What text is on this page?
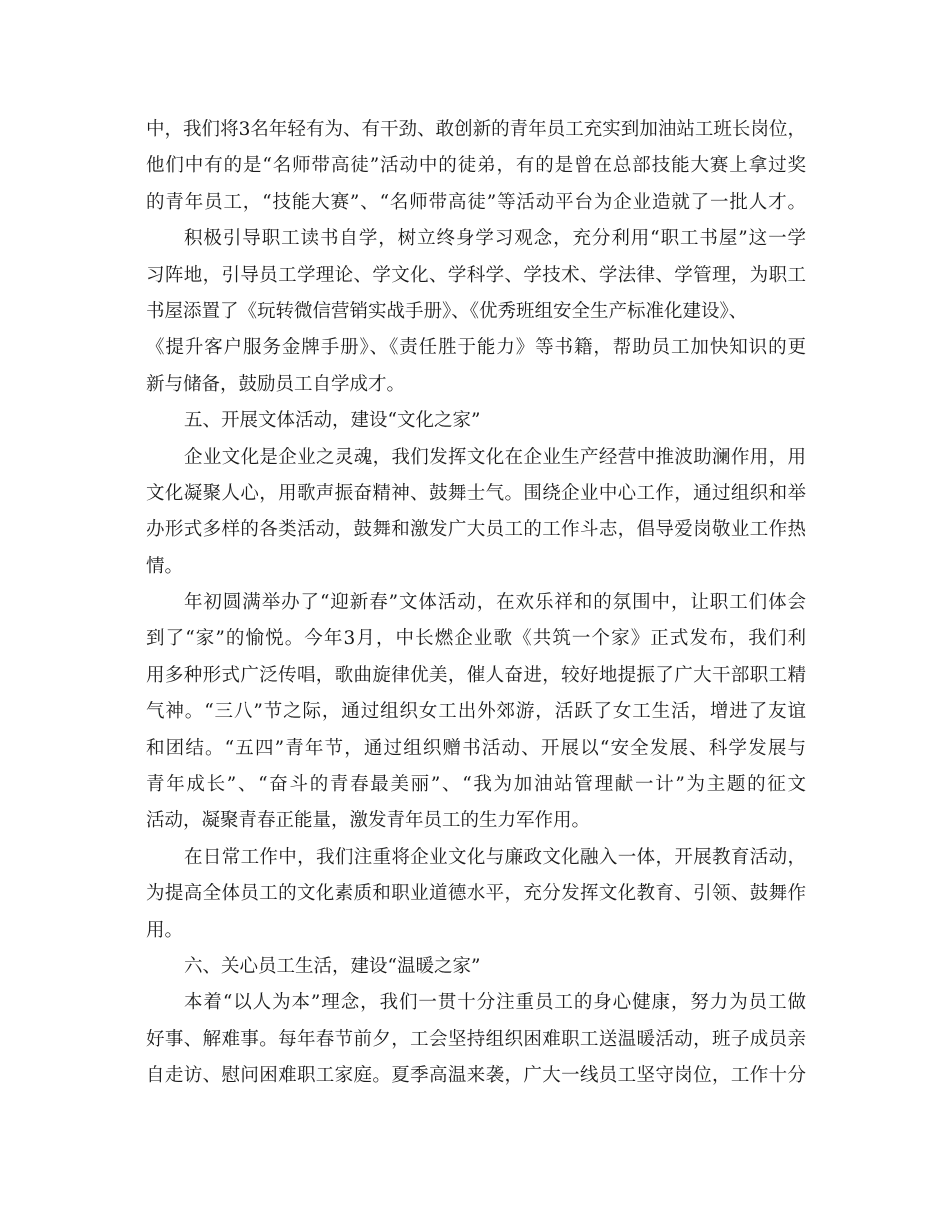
中，我们将3名年轻有为、有干劲、敢创新的青年员工充实到加油站工班长岗位，
他们中有的是“名师带高徒”活动中的徒弟，有的是曾在总部技能大赛上拿过奖
的青年员工，“技能大赛”、“名师带高徒”等活动平台为企业造就了一批人才。
积极引导职工读书自学，树立终身学习观念，充分利用“职工书屋”这一学
习阵地，引导员工学理论、学文化、学科学、学技术、学法律、学管理，为职工
书屋添置了《玩转微信营销实战手册》、《优秀班组安全生产标准化建设》、
《提升客户服务金牌手册》、《责任胜于能力》等书籍，帮助员工加快知识的更
新与储备，鼓励员工自学成才。
五、开展文体活动，建设“文化之家”
企业文化是企业之灵魂，我们发挥文化在企业生产经营中推波助澜作用，用
文化凝聚人心，用歌声振奋精神、鼓舞士气。围绕企业中心工作，通过组织和举
办形式多样的各类活动，鼓舞和激发广大员工的工作斗志，倡导爱岗敬业工作热
情。
年初圆满举办了“迎新春”文体活动，在欢乐祥和的氛围中，让职工们体会
到了“家”的愉悦。今年3月，中长燃企业歌《共筑一个家》正式发布，我们利
用多种形式广泛传唱，歌曲旋律优美，催人奋进，较好地提振了广大干部职工精
气神。“三八”节之际，通过组织女工出外郊游，活跃了女工生活，增进了友谊
和团结。“五四”青年节，通过组织赠书活动、开展以“安全发展、科学发展与
青年成长”、“奋斗的青春最美丽”、“我为加油站管理献一计”为主题的征文
活动，凝聚青春正能量，激发青年员工的生力军作用。
在日常工作中，我们注重将企业文化与廉政文化融入一体，开展教育活动，
为提高全体员工的文化素质和职业道德水平，充分发挥文化教育、引领、鼓舞作
用。
六、关心员工生活，建设“温暖之家”
本着“以人为本”理念，我们一贯十分注重员工的身心健康，努力为员工做
好事、解难事。每年春节前夕，工会坚持组织困难职工送温暖活动，班子成员亲
自走访、慰问困难职工家庭。夏季高温来袭，广大一线员工坚守岗位，工作十分
